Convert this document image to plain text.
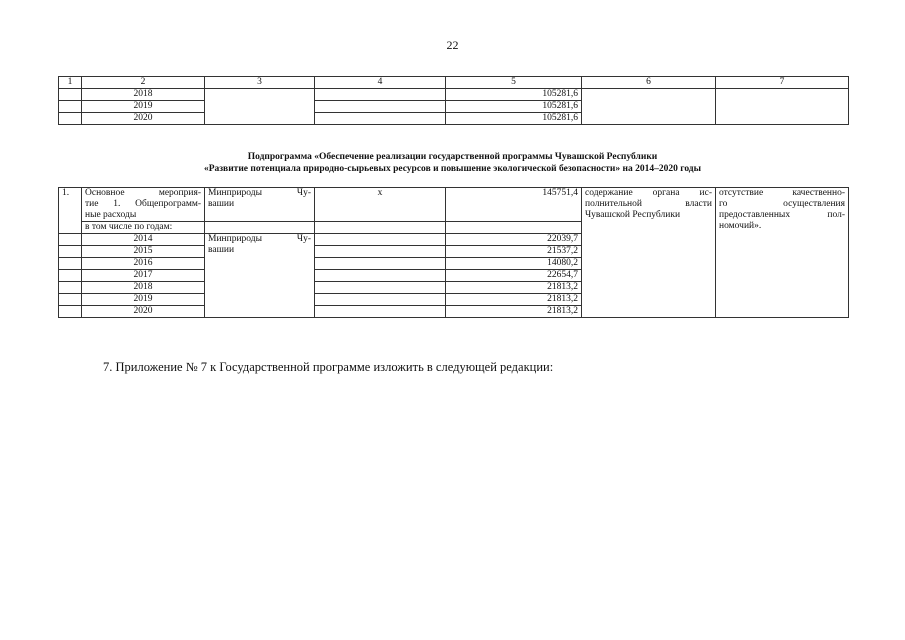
22
1	2	3	4	5	6	7
	2018			105281,6		
	2019			105281,6		
	2020			105281,6		
Подпрограмма «Обеспечение реализации государственной программы Чувашской Республики
«Развитие потенциала природно-сырьевых ресурсов и повышение экологической безопасности» на 2014–2020 годы
1.	Основное мероприя-
тие 1. Общепрограмм-
ные расходы	Минприроды Чу-
вашии	х	145751,4	содержание органа ис-
полнительной власти
Чувашской Республики	отсутствие качественно-
го осуществления
предоставленных пол-
номочий».

	в том числе по годам:					
	2014	Минприроды Чу-
вашии		22039,7		
	2015			21537,2		
	2016			14080,2		
	2017			22654,7		
	2018			21813,2		
	2019			21813,2		
	2020			21813,2		
7. Приложение № 7 к Государственной программе изложить в следующей редакции:
